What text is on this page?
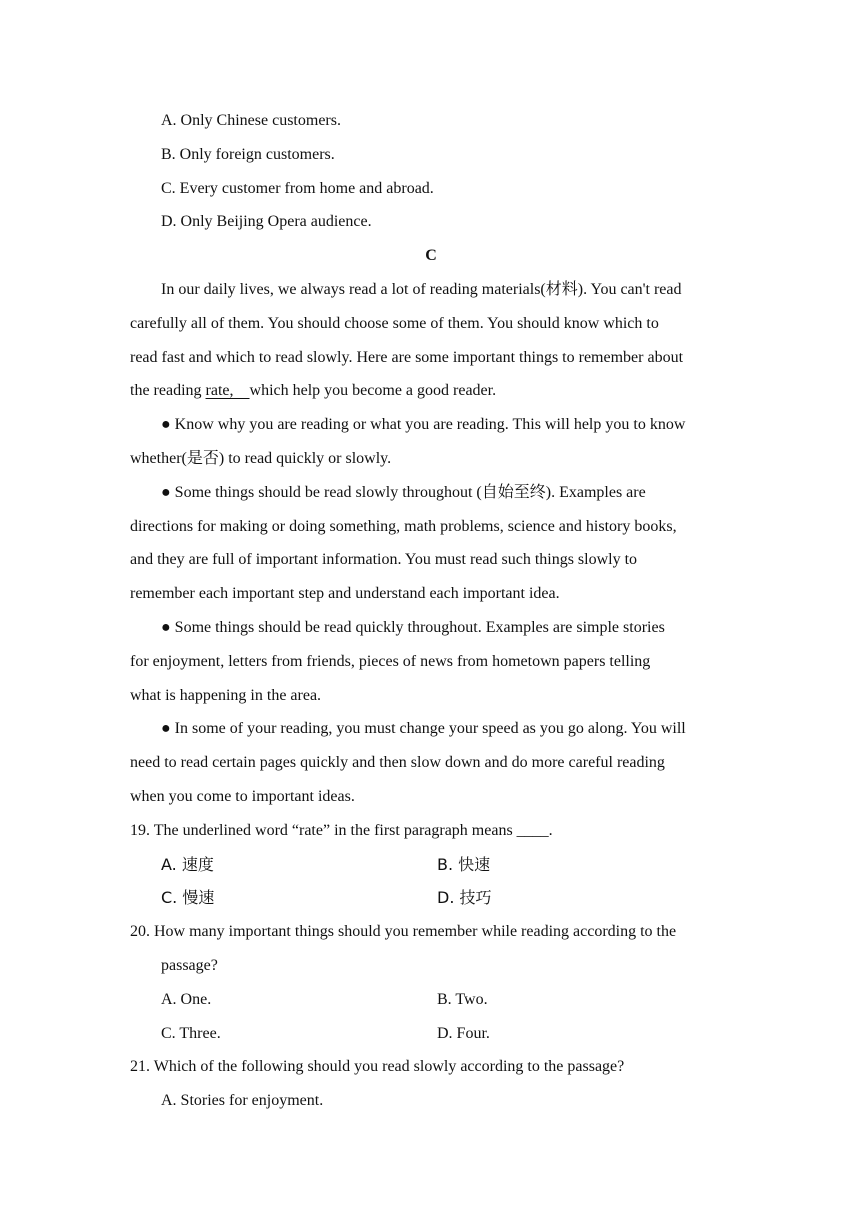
A. Only Chinese customers.
B. Only foreign customers.
C. Every customer from home and abroad.
D. Only Beijing Opera audience.
C
In our daily lives, we always read a lot of reading materials(材料). You can't read
carefully all of them. You should choose some of them. You should know which to
read fast and which to read slowly. Here are some important things to remember about
the reading rate,    which help you become a good reader.
● Know why you are reading or what you are reading. This will help you to know
whether(是否) to read quickly or slowly.
● Some things should be read slowly throughout (自始至终). Examples are
directions for making or doing something, math problems, science and history books,
and they are full of important information. You must read such things slowly to
remember each important step and understand each important idea.
● Some things should be read quickly throughout. Examples are simple stories
for enjoyment, letters from friends, pieces of news from hometown papers telling
what is happening in the area.
● In some of your reading, you must change your speed as you go along. You will
need to read certain pages quickly and then slow down and do more careful reading
when you come to important ideas.
19. The underlined word “rate” in the first paragraph means ____.
A. 速度	B. 快速
C. 慢速	D. 技巧
20. How many important things should you remember while reading according to the
passage?
A. One.	B. Two.
C. Three.	D. Four.
21. Which of the following should you read slowly according to the passage?
A. Stories for enjoyment.
